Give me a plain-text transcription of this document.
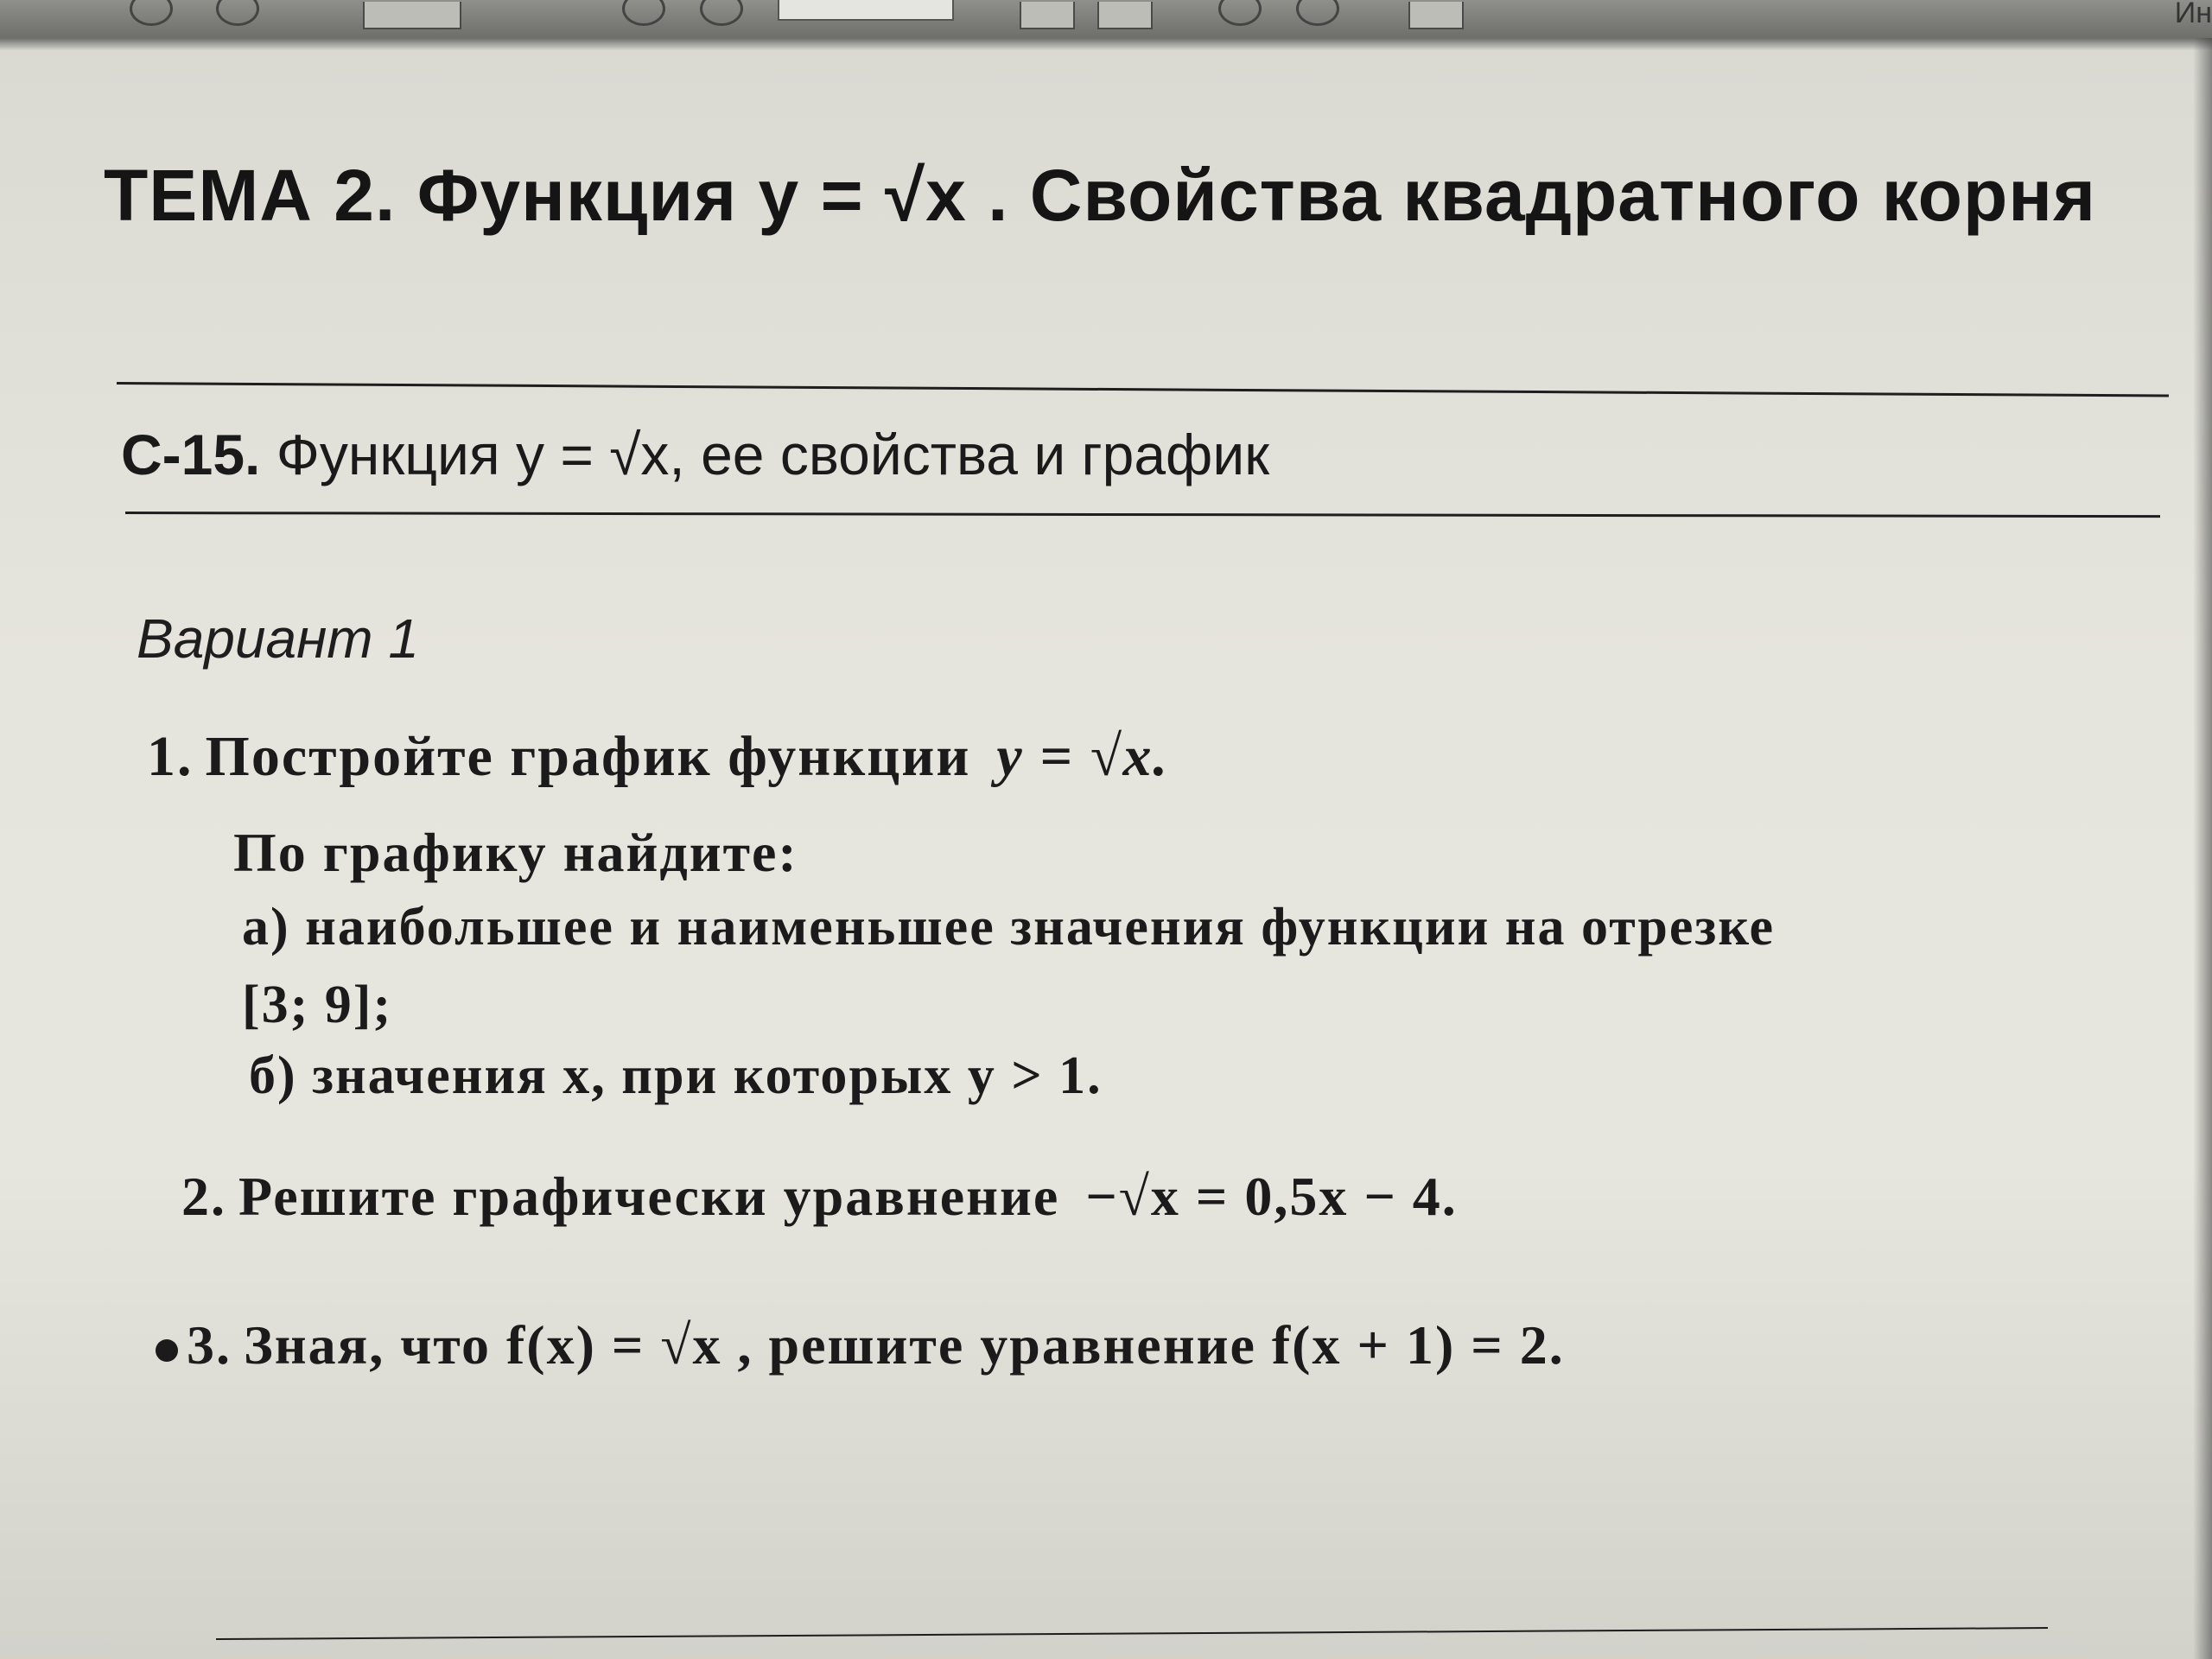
Ин
ТЕМА 2. Функция у = √х . Свойства квадратного корня
С-15. Функция у = √х, ее свойства и график
Вариант 1
1. Постройте график функции y = √x.
По графику найдите:
а) наибольшее и наименьшее значения функции на отрезке
[3; 9];
б) значения x, при которых y > 1.
2. Решите графически уравнение −√x = 0,5x − 4.
3. Зная, что f(x) = √x , решите уравнение f(x + 1) = 2.
